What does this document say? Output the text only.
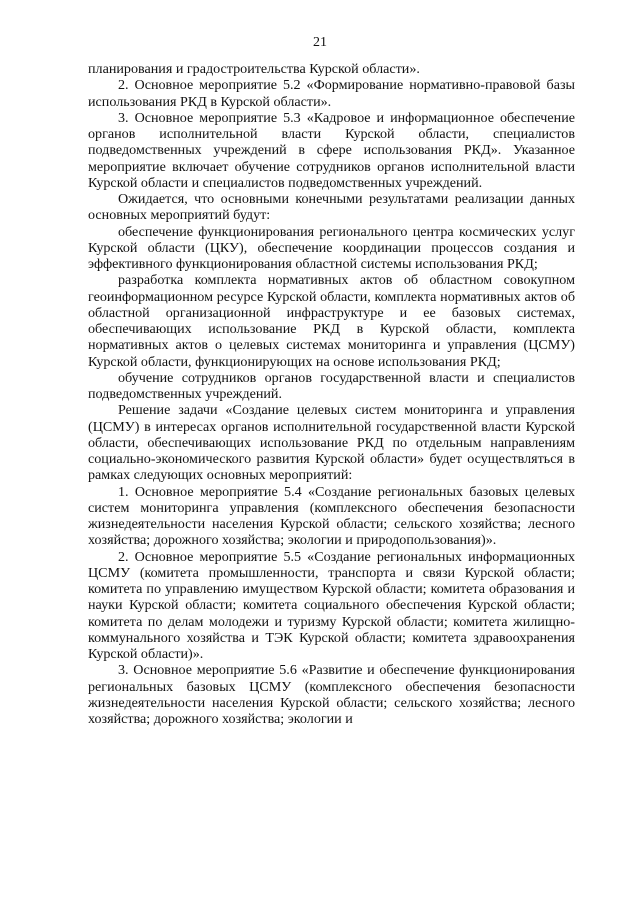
21

планирования и градостроительства Курской области».

2. Основное мероприятие 5.2 «Формирование нормативно-правовой базы использования РКД в Курской области».

3. Основное мероприятие 5.3 «Кадровое и информационное обеспечение органов исполнительной власти Курской области, специалистов подведомственных учреждений в сфере использования РКД». Указанное мероприятие включает обучение сотрудников органов исполнительной власти Курской области и специалистов подведомственных учреждений.

Ожидается, что основными конечными результатами реализации данных основных мероприятий будут:

обеспечение функционирования регионального центра космических услуг Курской области (ЦКУ), обеспечение координации процессов создания и эффективного функционирования областной системы использования РКД;

разработка комплекта нормативных актов об областном совокупном геоинформационном ресурсе Курской области, комплекта нормативных актов об областной организационной инфраструктуре и ее базовых системах, обеспечивающих использование РКД в Курской области, комплекта нормативных актов о целевых системах мониторинга и управления (ЦСМУ) Курской области, функционирующих на основе использования РКД;

обучение сотрудников органов государственной власти и специалистов подведомственных учреждений.

Решение задачи «Создание целевых систем мониторинга и управления (ЦСМУ) в интересах органов исполнительной государственной власти Курской области, обеспечивающих использование РКД по отдельным направлениям социально-экономического развития Курской области» будет осуществляться в рамках следующих основных мероприятий:

1. Основное мероприятие 5.4 «Создание региональных базовых целевых систем мониторинга управления (комплексного обеспечения безопасности жизнедеятельности населения Курской области; сельского хозяйства; лесного хозяйства; дорожного хозяйства; экологии и природопользования)».

2. Основное мероприятие 5.5 «Создание региональных информационных ЦСМУ (комитета промышленности, транспорта и связи Курской области; комитета по управлению имуществом Курской области; комитета образования и науки Курской области; комитета социального обеспечения Курской области; комитета по делам молодежи и туризму Курской области; комитета жилищно-коммунального хозяйства и ТЭК Курской области; комитета здравоохранения Курской области)».

3. Основное мероприятие 5.6 «Развитие и обеспечение функционирования региональных базовых ЦСМУ (комплексного обеспечения безопасности жизнедеятельности населения Курской области; сельского хозяйства; лесного хозяйства; дорожного хозяйства; экологии и
